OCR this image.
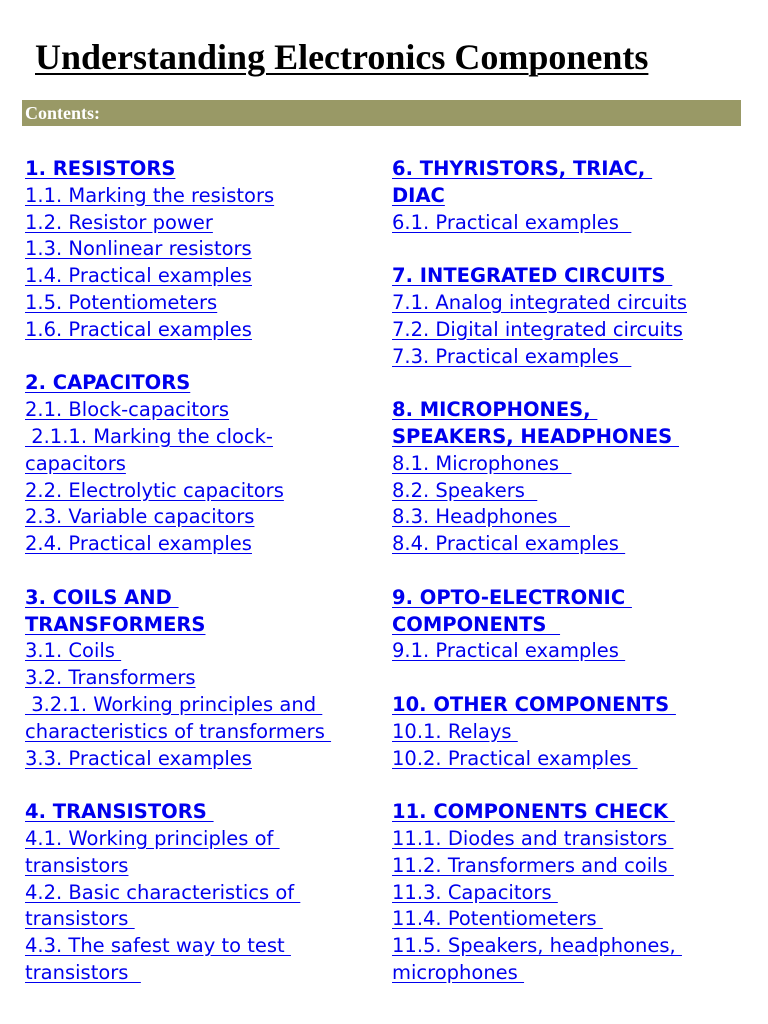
Understanding Electronics Components
Contents:
1. RESISTORS
1.1. Marking the resistors
1.2. Resistor power
1.3. Nonlinear resistors
1.4. Practical examples
1.5. Potentiometers
1.6. Practical examples
2. CAPACITORS
2.1. Block-capacitors
2.1.1. Marking the clock-
capacitors
2.2. Electrolytic capacitors
2.3. Variable capacitors
2.4. Practical examples
3. COILS AND
TRANSFORMERS
3.1. Coils
3.2. Transformers
3.2.1. Working principles and
characteristics of transformers
3.3. Practical examples
4. TRANSISTORS
4.1. Working principles of
transistors
4.2. Basic characteristics of
transistors
4.3. The safest way to test
transistors
6. THYRISTORS, TRIAC,
DIAC
6.1. Practical examples
7. INTEGRATED CIRCUITS
7.1. Analog integrated circuits
7.2. Digital integrated circuits
7.3. Practical examples
8. MICROPHONES,
SPEAKERS, HEADPHONES
8.1. Microphones
8.2. Speakers
8.3. Headphones
8.4. Practical examples
9. OPTO-ELECTRONIC
COMPONENTS
9.1. Practical examples
10. OTHER COMPONENTS
10.1. Relays
10.2. Practical examples
11. COMPONENTS CHECK
11.1. Diodes and transistors
11.2. Transformers and coils
11.3. Capacitors
11.4. Potentiometers
11.5. Speakers, headphones,
microphones
